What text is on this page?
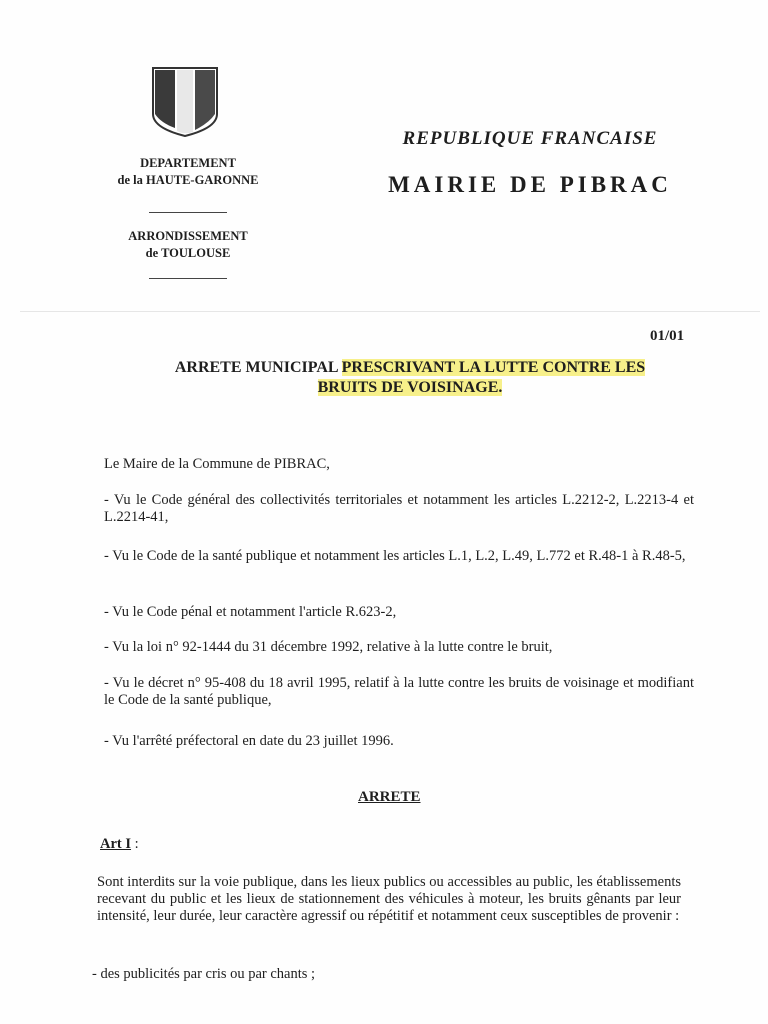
DEPARTEMENT
de la HAUTE-GARONNE
ARRONDISSEMENT
de TOULOUSE
REPUBLIQUE FRANCAISE
MAIRIE DE PIBRAC
01/01
ARRETE MUNICIPAL PRESCRIVANT LA LUTTE CONTRE LES
BRUITS DE VOISINAGE.
Le Maire de la Commune de PIBRAC,
- Vu le Code général des collectivités territoriales et notamment les articles L.2212-2, L.2213-4 et L.2214-41,
- Vu le Code de la santé publique et notamment les articles L.1, L.2, L.49, L.772 et R.48-1 à R.48-5,
- Vu le Code pénal et notamment l'article R.623-2,
- Vu la loi n° 92-1444 du 31 décembre 1992, relative à la lutte contre le bruit,
- Vu le décret n° 95-408 du 18 avril 1995, relatif à la lutte contre les bruits de voisinage et modifiant le Code de la santé publique,
- Vu l'arrêté préfectoral en date du 23 juillet 1996.
ARRETE
Art I :
Sont interdits sur la voie publique, dans les lieux publics ou accessibles au public, les établissements recevant du public et les lieux de stationnement des véhicules à moteur, les bruits gênants par leur intensité, leur durée, leur caractère agressif ou répétitif et notamment ceux susceptibles de provenir :
- des publicités par cris ou par chants ;
